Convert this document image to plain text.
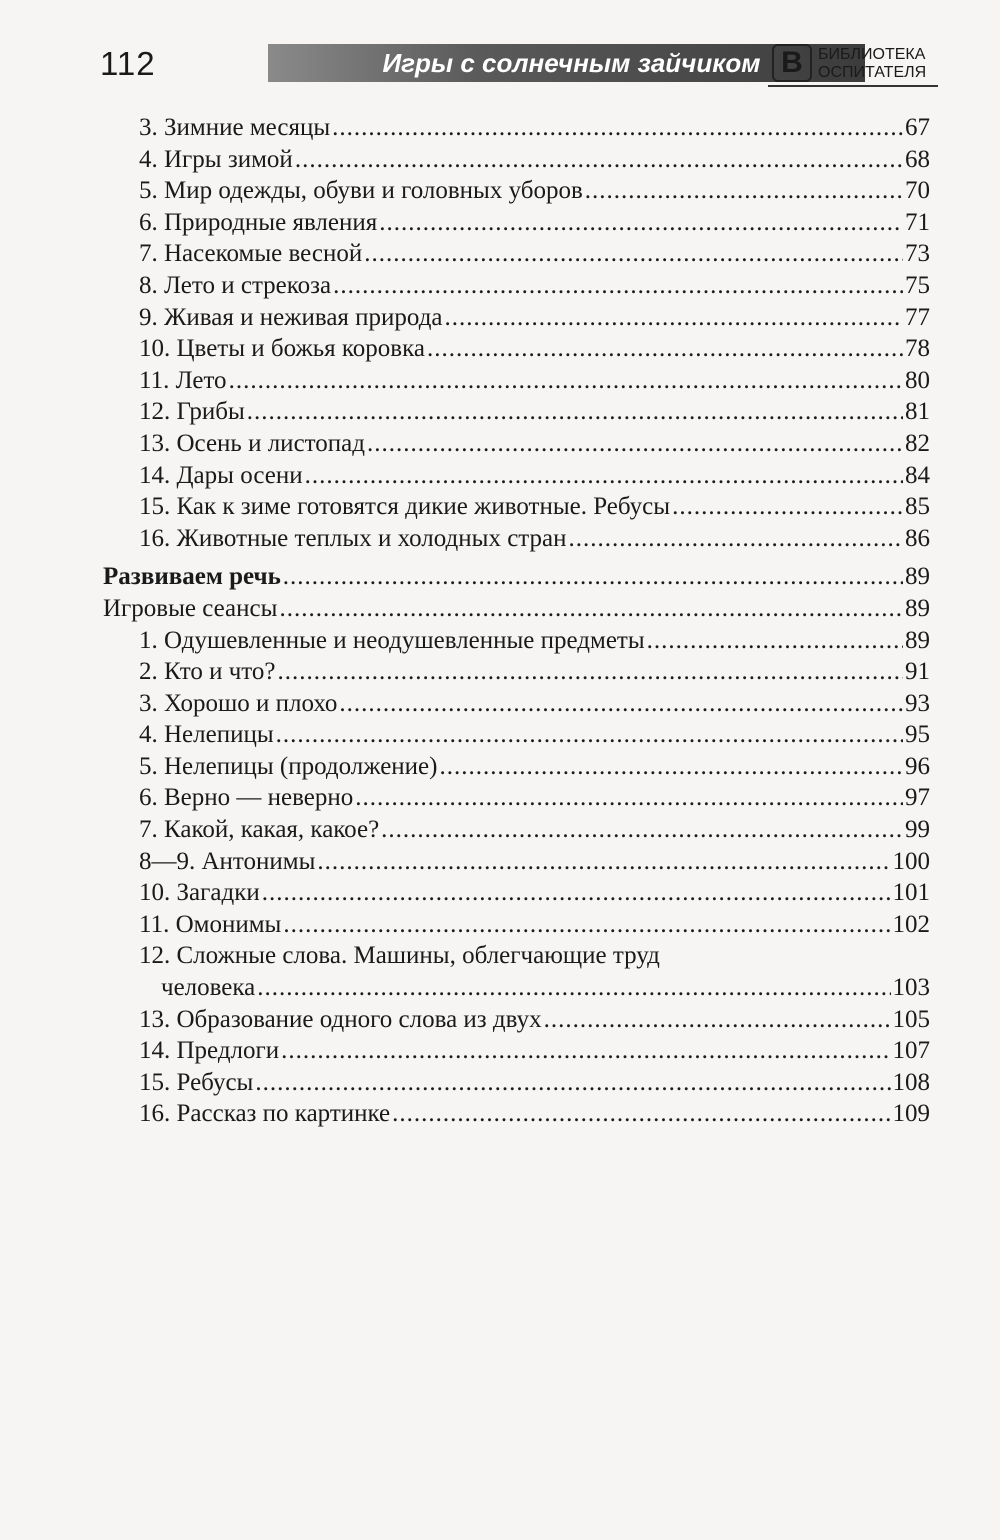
112	Игры с солнечным зайчиком В БИБЛИОТЕКА
ОСПИТАТЕЛЯ
3. Зимние месяцы .....	67
4. Игры зимой .....	68
5. Мир одежды, обуви и головных уборов .....	70
6. Природные явления .....	71
7. Насекомые весной .....	73
8. Лето и стрекоза .....	75
9. Живая и неживая природа .....	77
10. Цветы и божья коровка .....	78
11. Лето .....	80
12. Грибы .....	81
13. Осень и листопад .....	82
14. Дары осени .....	84
15. Как к зиме готовятся дикие животные. Ребусы .....	85
16. Животные теплых и холодных стран .....	86
Развиваем речь .....	89
Игровые сеансы .....	89
1. Одушевленные и неодушевленные предметы .....	89
2. Кто и что? .....	91
3. Хорошо и плохо .....	93
4. Нелепицы .....	95
5. Нелепицы (продолжение) .....	96
6. Верно — неверно .....	97
7. Какой, какая, какое? .....	99
8—9. Антонимы .....	100
10. Загадки .....	101
11. Омонимы .....	102
12. Сложные слова. Машины, облегчающие труд
человека .....	103
13. Образование одного слова из двух .....	105
14. Предлоги .....	107
15. Ребусы .....	108
16. Рассказ по картинке .....	109
